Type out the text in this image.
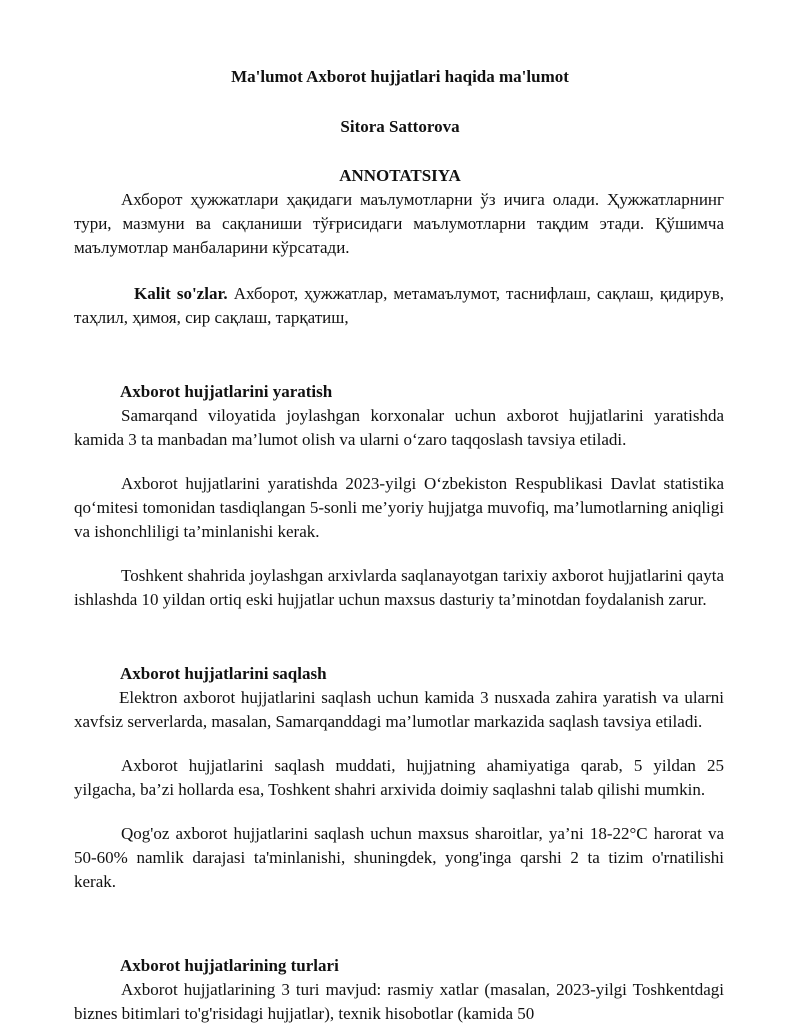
Ma'lumot Axborot hujjatlari haqida ma'lumot
Sitora Sattorova
ANNOTATSIYA

Ахборот ҳужжатлари ҳақидаги маълумотларни ўз ичига олади. Ҳужжатларнинг тури, мазмуни ва сақланиши тўғрисидаги маълумотларни тақдим этади. Қўшимча маълумотлар манбаларини кўрсатади.

Kalit so'zlar. Ахборот, ҳужжатлар, метамаълумот, таснифлаш, сақлаш, қидирув, таҳлил, ҳимоя, сир сақлаш, тарқатиш,

Axborot hujjatlarini yaratish

Samarqand viloyatida joylashgan korxonalar uchun axborot hujjatlarini yaratishda kamida 3 ta manbadan ma’lumot olish va ularni o‘zaro taqqoslash tavsiya etiladi.

Axborot hujjatlarini yaratishda 2023-yilgi O‘zbekiston Respublikasi Davlat statistika qo‘mitesi tomonidan tasdiqlangan 5-sonli me’yoriy hujjatga muvofiq, ma’lumotlarning aniqligi va ishonchliligi ta’minlanishi kerak.

Toshkent shahrida joylashgan arxivlarda saqlanayotgan tarixiy axborot hujjatlarini qayta ishlashda 10 yildan ortiq eski hujjatlar uchun maxsus dasturiy ta’minotdan foydalanish zarur.

Axborot hujjatlarini saqlash

Elektron axborot hujjatlarini saqlash uchun kamida 3 nusxada zahira yaratish va ularni xavfsiz serverlarda, masalan, Samarqanddagi ma’lumotlar markazida saqlash tavsiya etiladi.

Axborot hujjatlarini saqlash muddati, hujjatning ahamiyatiga qarab, 5 yildan 25 yilgacha, ba’zi hollarda esa, Toshkent shahri arxivida doimiy saqlashni talab qilishi mumkin.

Qog'oz axborot hujjatlarini saqlash uchun maxsus sharoitlar, ya’ni 18-22°C harorat va 50-60% namlik darajasi ta'minlanishi, shuningdek, yong'inga qarshi 2 ta tizim o'rnatilishi kerak.

Axborot hujjatlarining turlari

Axborot hujjatlarining 3 turi mavjud: rasmiy xatlar (masalan, 2023-yilgi Toshkentdagi biznes bitimlari to'g'risidagi hujjatlar), texnik hisobotlar (kamida 50
